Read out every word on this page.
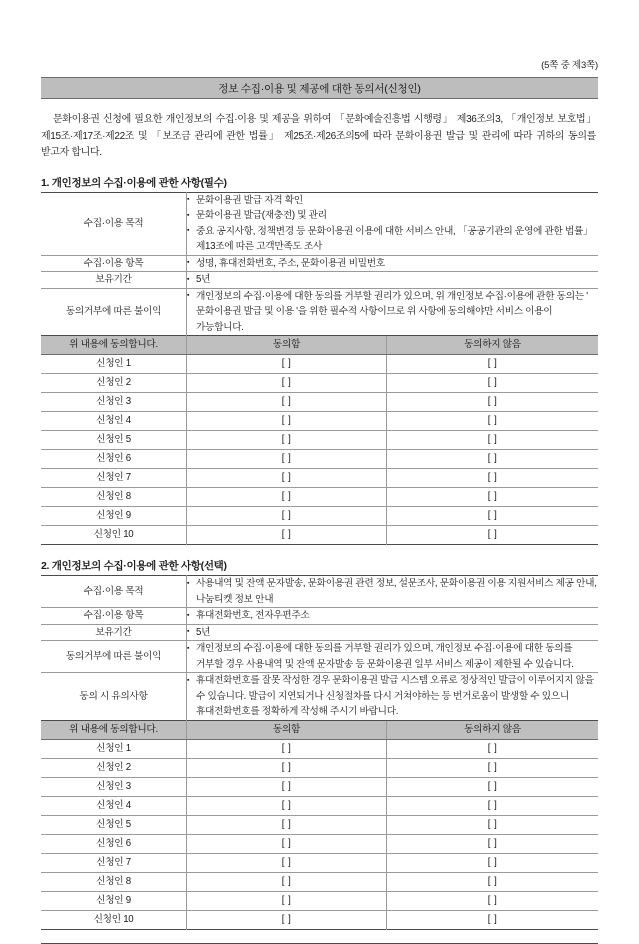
(5쪽 중 제3쪽)
정보 수집·이용 및 제공에 대한 동의서(신청인)

문화이용권 신청에 필요한 개인정보의 수집·이용 및 제공을 위하여 「문화예술진흥법 시행령」 제36조의3, 「개인정보 보호법」 제15조·제17조·제22조 및 「보조금 관리에 관한 법률」 제25조·제26조의5에 따라 문화이용권 발급 및 관리에 따라 귀하의 동의를 받고자 합니다.

1. 개인정보의 수집·이용에 관한 사항(필수)
수집·이용 목적	
▪ 문화이용권 발급 자격 확인
▪ 문화이용권 발급(재충전) 및 관리
▪ 중요 공지사항, 정책변경 등 문화이용권 이용에 대한 서비스 안내, 「공공기관의 운영에 관한 법률」 제13조에 따른 고객만족도 조사

수집·이용 항목	
▪성명, 휴대전화번호, 주소, 문화이용권 비밀번호

보유기간	
▪5년

동의거부에 따른 불이익	
▪ 개인정보의 수집·이용에 대한 동의를 거부할 권리가 있으며, 위 개인정보 수집·이용에 관한 동의는 ' 문화이용권 발급 및 이용 '을 위한 필수적 사항이므로 위 사항에 동의해야만 서비스 이용이 가능합니다.
위 내용에 동의합니다.	동의함	동의하지 않음
신청인 1	[ ]	[ ]
신청인 2	[ ]	[ ]
신청인 3	[ ]	[ ]
신청인 4	[ ]	[ ]
신청인 5	[ ]	[ ]
신청인 6	[ ]	[ ]
신청인 7	[ ]	[ ]
신청인 8	[ ]	[ ]
신청인 9	[ ]	[ ]
신청인 10	[ ]	[ ]
2. 개인정보의 수집·이용에 관한 사항(선택)
수집·이용 목적	
▪ 사용내역 및 잔액 문자발송, 문화이용권 관련 정보, 설문조사, 문화이용권 이용 지원서비스 제공 안내, 나눔티켓 정보 안내

수집·이용 항목	
▪휴대전화번호, 전자우편주소

보유기간	
▪5년

동의거부에 따른 불이익	
▪ 개인정보의 수집·이용에 대한 동의를 거부할 권리가 있으며, 개인정보 수집·이용에 대한 동의를 거부할 경우 사용내역 및 잔액 문자발송 등 문화이용권 일부 서비스 제공이 제한될 수 있습니다.

동의 시 유의사항	
▪ 휴대전화번호를 잘못 작성한 경우 문화이용권 발급 시스템 오류로 정상적인 발급이 이루어지지 않을 수 있습니다. 발급이 지연되거나 신청절차를 다시 거쳐야하는 등 번거로움이 발생할 수 있으니 휴대전화번호를 정확하게 작성해 주시기 바랍니다.
위 내용에 동의합니다.	동의함	동의하지 않음
신청인 1	[ ]	[ ]
신청인 2	[ ]	[ ]
신청인 3	[ ]	[ ]
신청인 4	[ ]	[ ]
신청인 5	[ ]	[ ]
신청인 6	[ ]	[ ]
신청인 7	[ ]	[ ]
신청인 8	[ ]	[ ]
신청인 9	[ ]	[ ]
신청인 10	[ ]	[ ]
